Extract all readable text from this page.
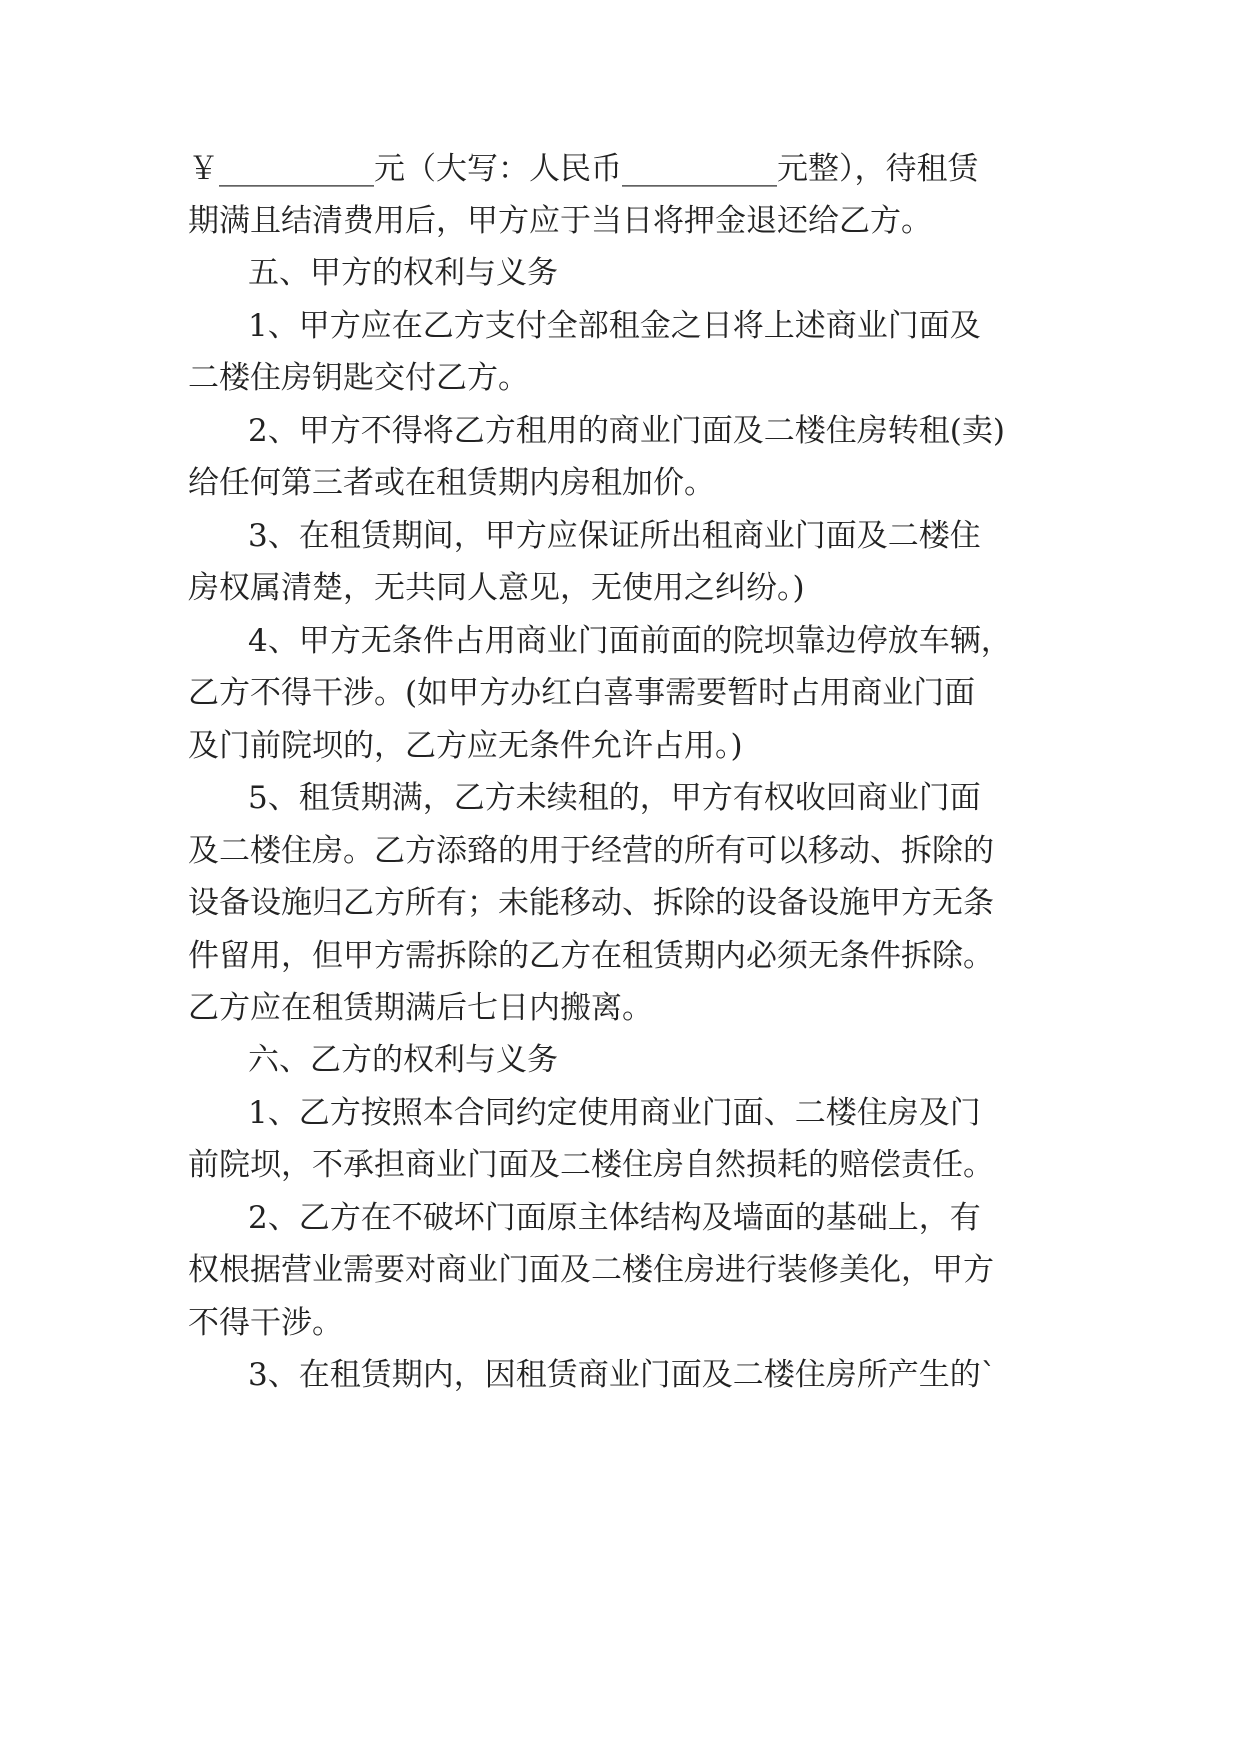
￥__________元（大写：人民币__________元整），待租赁
期满且结清费用后，甲方应于当日将押金退还给乙方。
五、甲方的权利与义务
1、甲方应在乙方支付全部租金之日将上述商业门面及
二楼住房钥匙交付乙方。
2、甲方不得将乙方租用的商业门面及二楼住房转租(卖)
给任何第三者或在租赁期内房租加价。
3、在租赁期间，甲方应保证所出租商业门面及二楼住
房权属清楚，无共同人意见，无使用之纠纷。)
4、甲方无条件占用商业门面前面的院坝靠边停放车辆，
乙方不得干涉。(如甲方办红白喜事需要暂时占用商业门面
及门前院坝的，乙方应无条件允许占用。)
5、租赁期满，乙方未续租的，甲方有权收回商业门面
及二楼住房。乙方添臵的用于经营的所有可以移动、拆除的
设备设施归乙方所有；未能移动、拆除的设备设施甲方无条
件留用，但甲方需拆除的乙方在租赁期内必须无条件拆除。
乙方应在租赁期满后七日内搬离。
六、乙方的权利与义务
1、乙方按照本合同约定使用商业门面、二楼住房及门
前院坝，不承担商业门面及二楼住房自然损耗的赔偿责任。
2、乙方在不破坏门面原主体结构及墙面的基础上，有
权根据营业需要对商业门面及二楼住房进行装修美化，甲方
不得干涉。
3、在租赁期内，因租赁商业门面及二楼住房所产生的`
